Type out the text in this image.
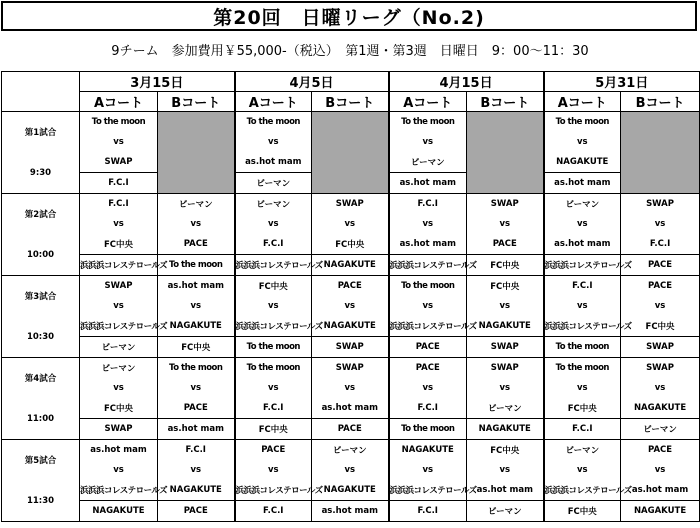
第20回　日曜リーグ（No.2)
9チーム　参加費用￥55,000-（税込）　第1週・第3週　日曜日　9：00〜11：30
	3月15日		4月5日		4月15日		5月31日	
	Aコート	Bコート	Aコート	Bコート	Aコート	Bコート	Aコート	Bコート
第1試合	To the moon		To the moon		To the moon		To the moon	
	vs		vs		vs		vs	
9:30	SWAP		as.hot mam		ビーマン		NAGAKUTE	
	F.C.I		ビーマン		as.hot mam		as.hot mam	
第2試合	F.C.I	ビーマン	ビーマン	SWAP	F.C.I	SWAP	ビーマン	SWAP
	vs	vs	vs	vs	vs	vs	vs	vs
10:00	FC中央	PACE	F.C.I	FC中央	as.hot mam	PACE	as.hot mam	F.C.I
	浜浜浜コレステロールズ	To the moon	浜浜浜コレステロールズ	NAGAKUTE	浜浜浜コレステロールズ	FC中央	浜浜浜コレステロールズ	PACE
第3試合	SWAP	as.hot mam	FC中央	PACE	To the moon	FC中央	F.C.I	PACE
	vs	vs	vs	vs	vs	vs	vs	vs
10:30	浜浜浜コレステロールズ	NAGAKUTE	浜浜浜コレステロールズ	NAGAKUTE	浜浜浜コレステロールズ	NAGAKUTE	浜浜浜コレステロールズ	FC中央
	ビーマン	FC中央	To the moon	SWAP	PACE	SWAP	To the moon	SWAP
第4試合	ビーマン	To the moon	To the moon	SWAP	PACE	SWAP	To the moon	SWAP
	vs	vs	vs	vs	vs	vs	vs	vs
11:00	FC中央	PACE	F.C.I	as.hot mam	F.C.I	ビーマン	FC中央	NAGAKUTE
	SWAP	as.hot mam	FC中央	PACE	To the moon	NAGAKUTE	F.C.I	ビーマン
第5試合	as.hot mam	F.C.I	PACE	ビーマン	NAGAKUTE	FC中央	ビーマン	PACE
	vs	vs	vs	vs	vs	vs	vs	vs
11:30	浜浜浜コレステロールズ	NAGAKUTE	浜浜浜コレステロールズ	NAGAKUTE	浜浜浜コレステロールズ	as.hot mam	浜浜浜コレステロールズ	as.hot mam
	NAGAKUTE	PACE	F.C.I	as.hot mam	F.C.I	ビーマン	FC中央	NAGAKUTE
